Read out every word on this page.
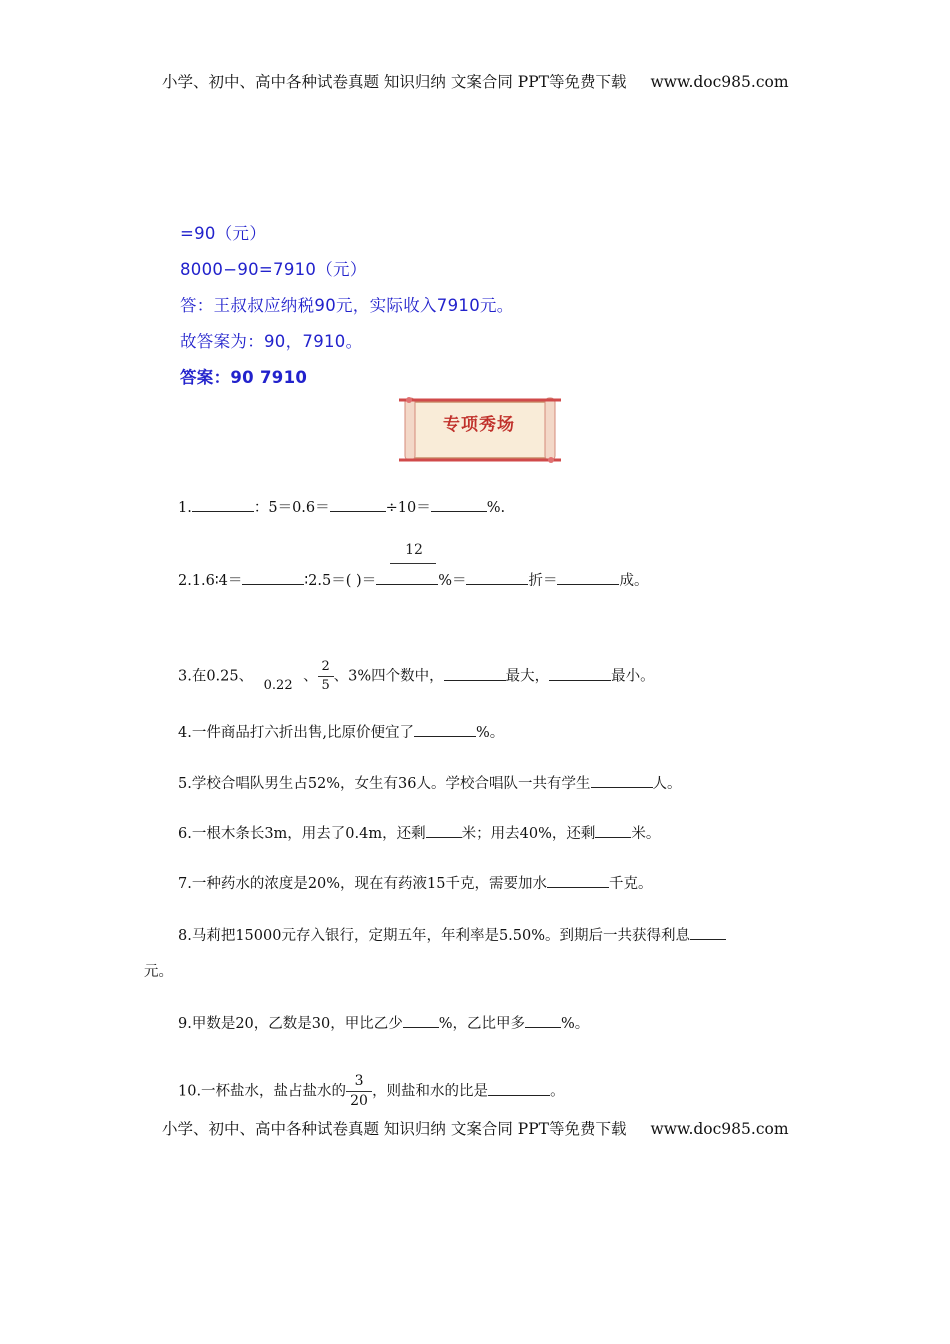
小学、初中、高中各种试卷真题 知识归纳 文案合同 PPT等免费下载 www.doc985.com
=90（元）
8000−90=7910（元）
答：王叔叔应纳税90元，实际收入7910元。
故答案为：90，7910。
答案：90 7910
专项秀场
1.	：5＝0.6＝	÷10＝	%.
12
2.1.6∶4＝	∶2.5＝( )＝	%＝	折＝	成。
3.在0.25、0.22、 $\frac{2}{5}$ 、3%四个数中，	最大，	最小。
4.一件商品打六折出售,比原价便宜了	%。
5.学校合唱队男生占52%，女生有36人。学校合唱队一共有学生	人。
6.一根木条长3m，用去了0.4m，还剩 米；用去40%，还剩 米。
7.一种药水的浓度是20%，现在有药液15千克，需要加水	千克。
8.马莉把15000元存入银行，定期五年，年利率是5.50%。到期后一共获得利息
元。
9.甲数是20，乙数是30，甲比乙少 %，乙比甲多 %。
10.一杯盐水，盐占盐水的 $\frac{3}{20}$ ，则盐和水的比是	。
小学、初中、高中各种试卷真题 知识归纳 文案合同 PPT等免费下载 www.doc985.com
